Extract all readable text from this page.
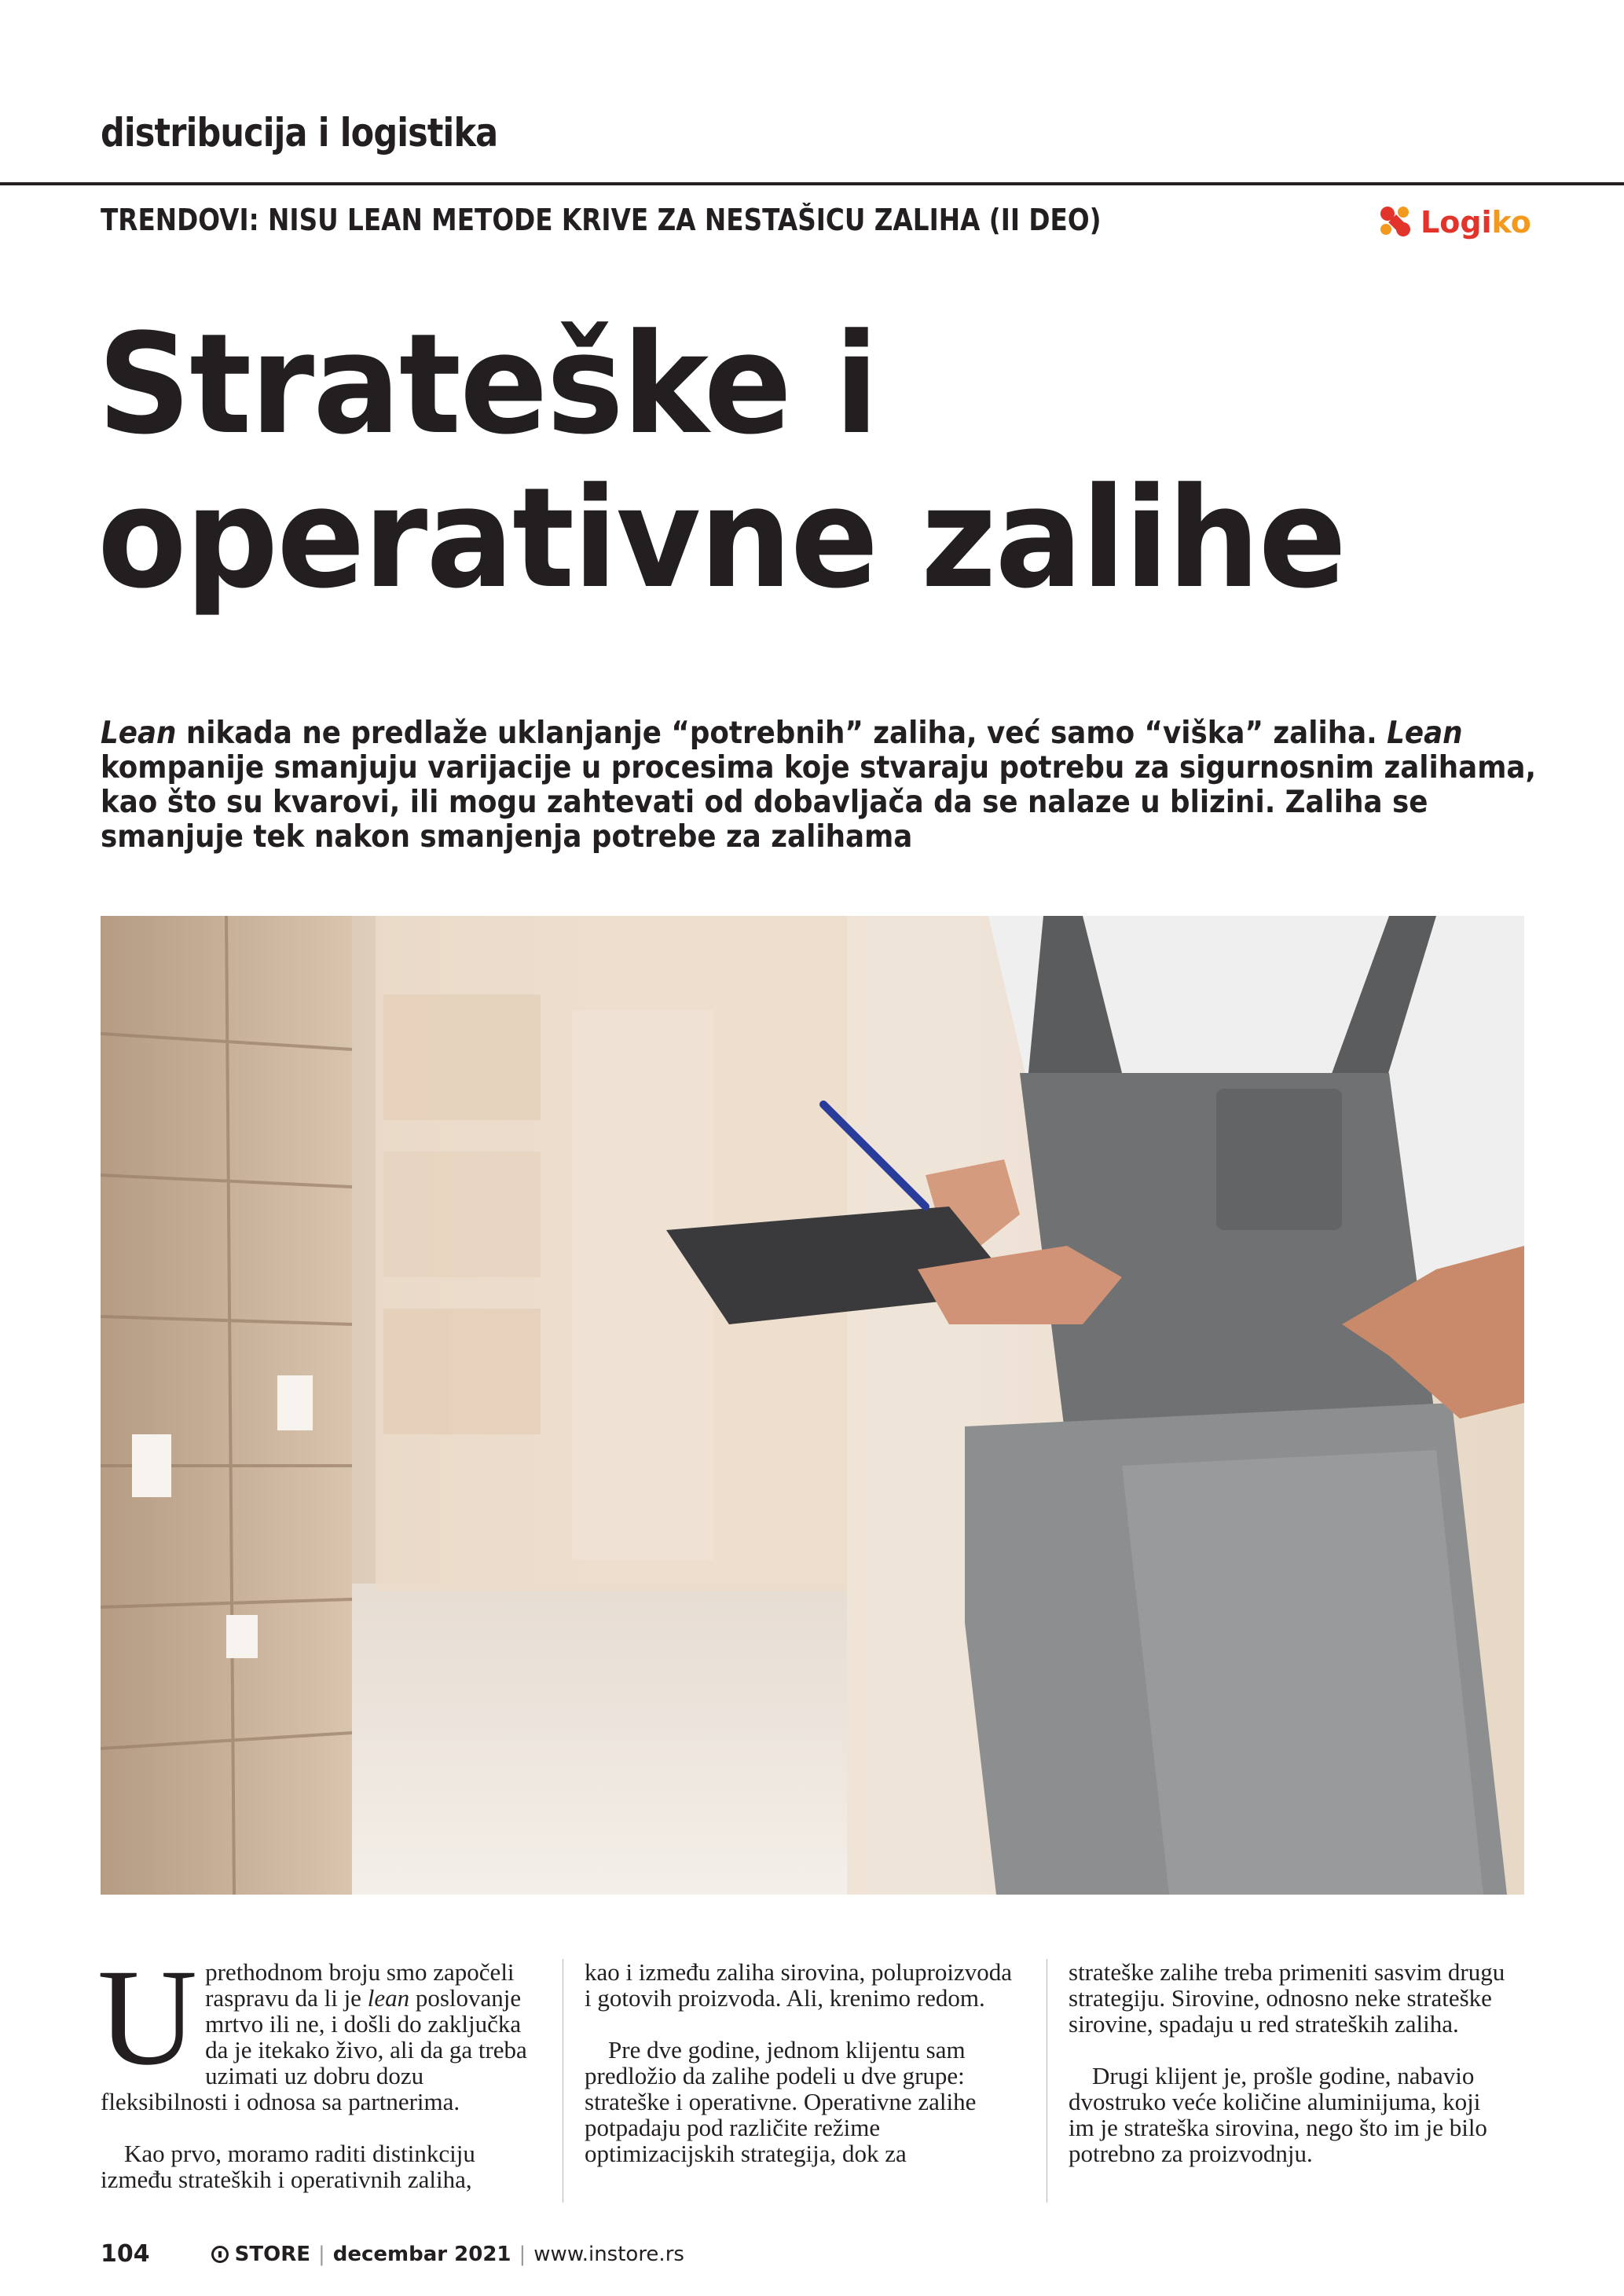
distribucija i logistika
TRENDOVI: NISU LEAN METODE KRIVE ZA NESTAŠICU ZALIHA (II DEO)	Logiko
Strateške i
operativne zalihe

Lean nikada ne predlaže uklanjanje “potrebnih” zaliha, već samo “viška” zaliha. Lean kompanije smanjuju varijacije u procesima koje stvaraju potrebu za sigurnosnim zalihama, kao što su kvarovi, ili mogu zahtevati od dobavljača da se nalaze u blizini. Zaliha se smanjuje tek nakon smanjenja potrebe za zalihama

Uprethodnom broju smo započeli raspravu da li je lean poslovanje mrtvo ili ne, i došli do zaključka da je itekako živo, ali da ga treba uzimati uz dobru dozu fleksibilnosti i odnosa sa partnerima.

Kao prvo, moramo raditi distinkciju između strateških i operativnih zaliha,

kao i između zaliha sirovina, poluproizvoda i gotovih proizvoda. Ali, krenimo redom.

Pre dve godine, jednom klijentu sam predložio da zalihe podeli u dve grupe: strateške i operativne. Operativne zalihe potpadaju pod različite režime optimizacijskih strategija, dok za

strateške zalihe treba primeniti sasvim drugu strategiju. Sirovine, odnosno neke strateške sirovine, spadaju u red strateških zaliha.

Drugi klijent je, prošle godine, nabavio dvostruko veće količine aluminijuma, koji im je strateška sirovina, nego što im je bilo potrebno za proizvodnju.

104	STORE | decembar 2021 | www.instore.rs
